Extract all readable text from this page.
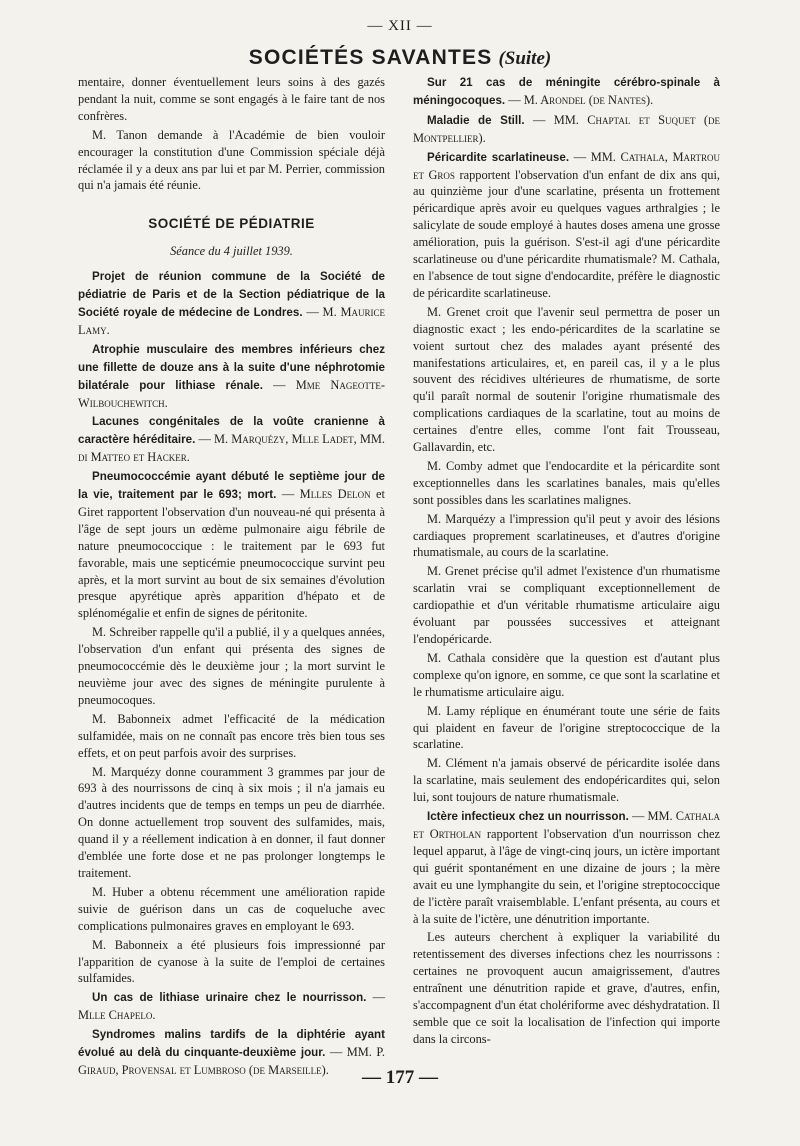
— XII —
SOCIÉTÉS SAVANTES (Suite)

mentaire, donner éventuellement leurs soins à des gazés pendant la nuit, comme se sont engagés à le faire tant de nos confrères.

M. Tanon demande à l'Académie de bien vouloir encourager la constitution d'une Commission spéciale déjà réclamée il y a deux ans par lui et par M. Perrier, commission qui n'a jamais été réunie.

SOCIÉTÉ DE PÉDIATRIE
Séance du 4 juillet 1939.

Projet de réunion commune de la Société de pédiatrie de Paris et de la Section pédiatrique de la Société royale de médecine de Londres. — M. Maurice Lamy.

Atrophie musculaire des membres inférieurs chez une fillette de douze ans à la suite d'une néphrotomie bilatérale pour lithiase rénale. — Mme Nageotte-Wilbouchewitch.

Lacunes congénitales de la voûte cranienne à caractère héréditaire. — M. Marquézy, Mlle Ladet, MM. di Matteo et Hacker.

Pneumococcémie ayant débuté le septième jour de la vie, traitement par le 693; mort. — Mlles Delon et Giret rapportent l'observation d'un nouveau-né qui présenta à l'âge de sept jours un œdème pulmonaire aigu fébrile de nature pneumococcique : le traitement par le 693 fut favorable, mais une septicémie pneumococcique survint peu après, et la mort survint au bout de six semaines d'évolution presque apyrétique après apparition d'hépato et de splénomégalie et enfin de signes de péritonite.

M. Schreiber rappelle qu'il a publié, il y a quelques années, l'observation d'un enfant qui présenta des signes de pneumococcémie dès le deuxième jour ; la mort survint le neuvième jour avec des signes de méningite purulente à pneumocoques.

M. Babonneix admet l'efficacité de la médication sulfamidée, mais on ne connaît pas encore très bien tous ses effets, et on peut parfois avoir des surprises.

M. Marquézy donne couramment 3 grammes par jour de 693 à des nourrissons de cinq à six mois ; il n'a jamais eu d'autres incidents que de temps en temps un peu de diarrhée. On donne actuellement trop souvent des sulfamides, mais, quand il y a réellement indication à en donner, il faut donner d'emblée une forte dose et ne pas prolonger longtemps le traitement.

M. Huber a obtenu récemment une amélioration rapide suivie de guérison dans un cas de coqueluche avec complications pulmonaires graves en employant le 693.

M. Babonneix a été plusieurs fois impressionné par l'apparition de cyanose à la suite de l'emploi de certaines sulfamides.

Un cas de lithiase urinaire chez le nourrisson. — Mlle Chapelo.

Syndromes malins tardifs de la diphtérie ayant évolué au delà du cinquante-deuxième jour. — MM. P. Giraud, Provensal et Lumbroso (de Marseille).

Sur 21 cas de méningite cérébro-spinale à méningocoques. — M. Arondel (de Nantes).

Maladie de Still. — MM. Chaptal et Suquet (de Montpellier).

Péricardite scarlatineuse. — MM. Cathala, Martrou et Gros rapportent l'observation d'un enfant de dix ans qui, au quinzième jour d'une scarlatine, présenta un frottement péricardique après avoir eu quelques vagues arthralgies ; le salicylate de soude employé à hautes doses amena une grosse amélioration, puis la guérison. S'est-il agi d'une péricardite scarlatineuse ou d'une péricardite rhumatismale? M. Cathala, en l'absence de tout signe d'endocardite, préfère le diagnostic de péricardite scarlatineuse.

M. Grenet croit que l'avenir seul permettra de poser un diagnostic exact ; les endo-péricardites de la scarlatine se voient surtout chez des malades ayant présenté des manifestations articulaires, et, en pareil cas, il y a le plus souvent des récidives ultérieures de rhumatisme, de sorte qu'il paraît normal de soutenir l'origine rhumatismale des complications cardiaques de la scarlatine, tout au moins de certaines d'entre elles, comme l'ont fait Trousseau, Gallavardin, etc.

M. Comby admet que l'endocardite et la péricardite sont exceptionnelles dans les scarlatines banales, mais qu'elles sont possibles dans les scarlatines malignes.

M. Marquézy a l'impression qu'il peut y avoir des lésions cardiaques proprement scarlatineuses, et d'autres d'origine rhumatismale, au cours de la scarlatine.

M. Grenet précise qu'il admet l'existence d'un rhumatisme scarlatin vrai se compliquant exceptionnellement de cardiopathie et d'un véritable rhumatisme articulaire aigu évoluant par poussées successives et atteignant l'endopéricarde.

M. Cathala considère que la question est d'autant plus complexe qu'on ignore, en somme, ce que sont la scarlatine et le rhumatisme articulaire aigu.

M. Lamy réplique en énumérant toute une série de faits qui plaident en faveur de l'origine streptococcique de la scarlatine.

M. Clément n'a jamais observé de péricardite isolée dans la scarlatine, mais seulement des endopéricardites qui, selon lui, sont toujours de nature rhumatismale.

Ictère infectieux chez un nourrisson. — MM. Cathala et Ortholan rapportent l'observation d'un nourrisson chez lequel apparut, à l'âge de vingt-cinq jours, un ictère important qui guérit spontanément en une dizaine de jours ; la mère avait eu une lymphangite du sein, et l'origine streptococcique de l'ictère paraît vraisemblable. L'enfant présenta, au cours et à la suite de l'ictère, une dénutrition importante.

Les auteurs cherchent à expliquer la variabilité du retentissement des diverses infections chez les nourrissons : certaines ne provoquent aucun amaigrissement, d'autres entraînent une dénutrition rapide et grave, d'autres, enfin, s'accompagnent d'un état cholériforme avec déshydratation. Il semble que ce soit la localisation de l'infection qui importe dans la circons-

— 177 —
